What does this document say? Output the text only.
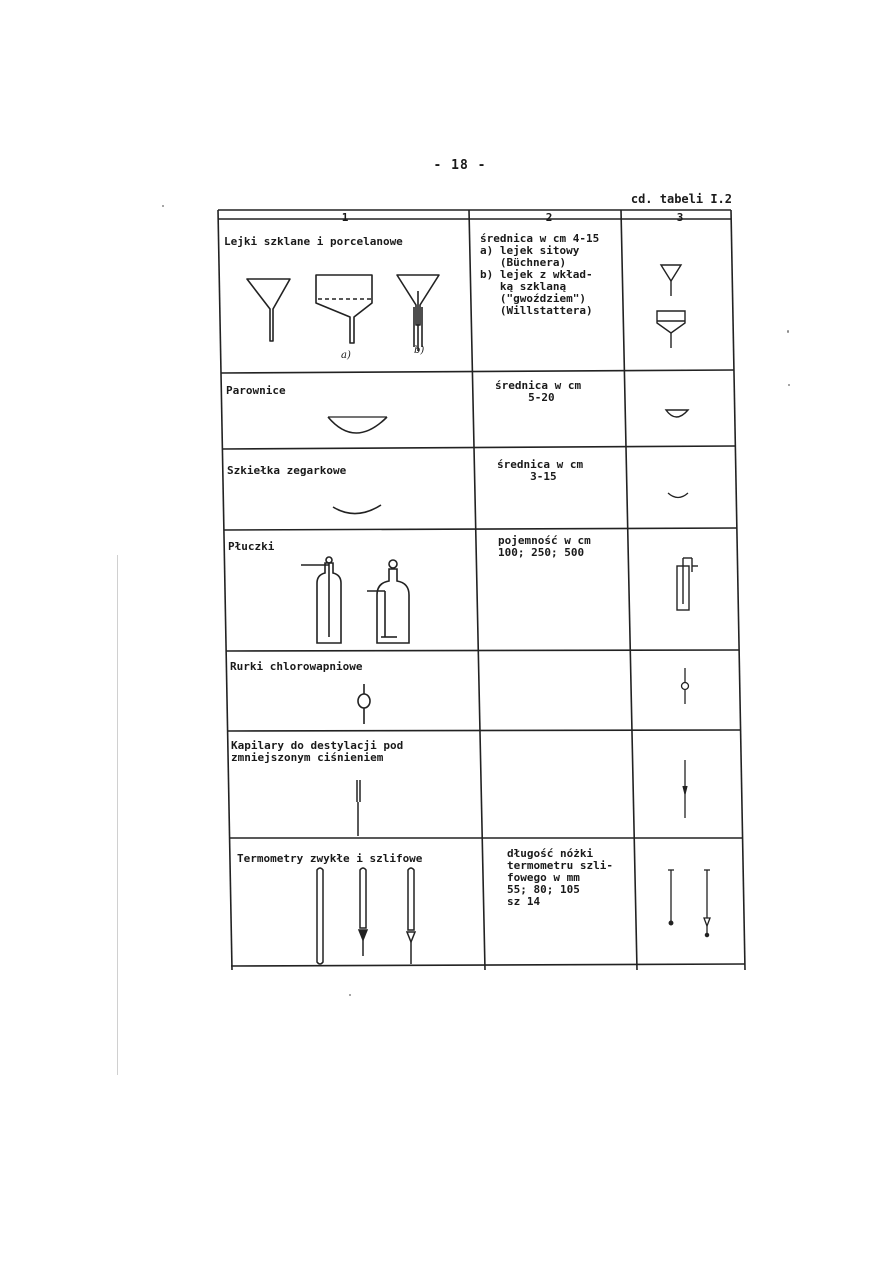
- 18 -
cd. tabeli I.2
1	2	3
Lejki szklane i porcelanowe	średnica w cm 4-15
a) lejek sitowy
(Büchnera)
b) lejek z wkład-
ką szklaną
("gwoździem")
(Willstattera)
a)	b)
Parownice	średnica w cm
5-20
Szkiełka zegarkowe	średnica w cm
3-15
Płuczki	pojemność w cm
100; 250; 500
Rurki chlorowapniowe
Kapilary do destylacji pod
zmniejszonym ciśnieniem
Termometry zwykłe i szlifowe	długość nóżki
termometru szli-
fowego w mm
55; 80; 105
sz 14
